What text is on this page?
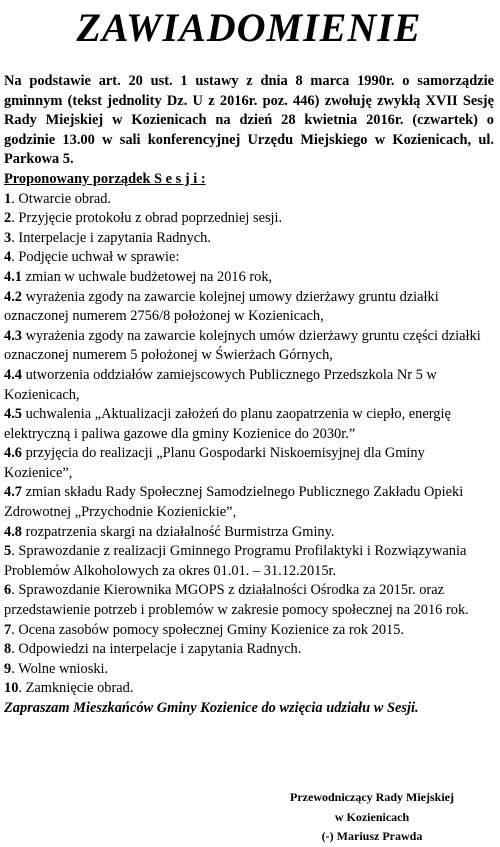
ZAWIADOMIENIE
Na podstawie art. 20 ust. 1 ustawy z dnia 8 marca 1990r. o samorządzie gminnym (tekst jednolity Dz. U z 2016r. poz. 446) zwołuję zwykłą XVII Sesję Rady Miejskiej w Kozienicach na dzień 28 kwietnia 2016r. (czwartek) o godzinie 13.00 w sali konferencyjnej Urzędu Miejskiego w Kozienicach, ul. Parkowa 5.
Proponowany porządek S e s j i :
1. Otwarcie obrad.
2. Przyjęcie protokołu z obrad poprzedniej sesji.
3. Interpelacje i zapytania Radnych.
4. Podjęcie uchwał w sprawie:
4.1 zmian w uchwale budżetowej na 2016 rok,
4.2 wyrażenia zgody na zawarcie kolejnej umowy dzierżawy gruntu działki oznaczonej numerem 2756/8 położonej w Kozienicach,
4.3 wyrażenia zgody na zawarcie kolejnych umów dzierżawy gruntu części działki oznaczonej numerem 5 położonej w Świerżach Górnych,
4.4 utworzenia oddziałów zamiejscowych Publicznego Przedszkola Nr 5 w Kozienicach,
4.5 uchwalenia „Aktualizacji założeń do planu zaopatrzenia w ciepło, energię elektryczną i paliwa gazowe dla gminy Kozienice do 2030r.”
4.6 przyjęcia do realizacji „Planu Gospodarki Niskoemisyjnej dla Gminy Kozienice”,
4.7 zmian składu Rady Społecznej Samodzielnego Publicznego Zakładu Opieki Zdrowotnej „Przychodnie Kozienickie”,
4.8 rozpatrzenia skargi na działalność Burmistrza Gminy.
5. Sprawozdanie z realizacji Gminnego Programu Profilaktyki i Rozwiązywania Problemów Alkoholowych za okres 01.01. – 31.12.2015r.
6. Sprawozdanie Kierownika MGOPS z działalności Ośrodka za 2015r. oraz przedstawienie potrzeb i problemów w zakresie pomocy społecznej na 2016 rok.
7. Ocena zasobów pomocy społecznej Gminy Kozienice za rok 2015.
8. Odpowiedzi na interpelacje i zapytania Radnych.
9. Wolne wnioski.
10. Zamknięcie obrad.
Zapraszam Mieszkańców Gminy Kozienice do wzięcia udziału w Sesji.
Przewodniczący Rady Miejskiej
w Kozienicach
(-) Mariusz Prawda
